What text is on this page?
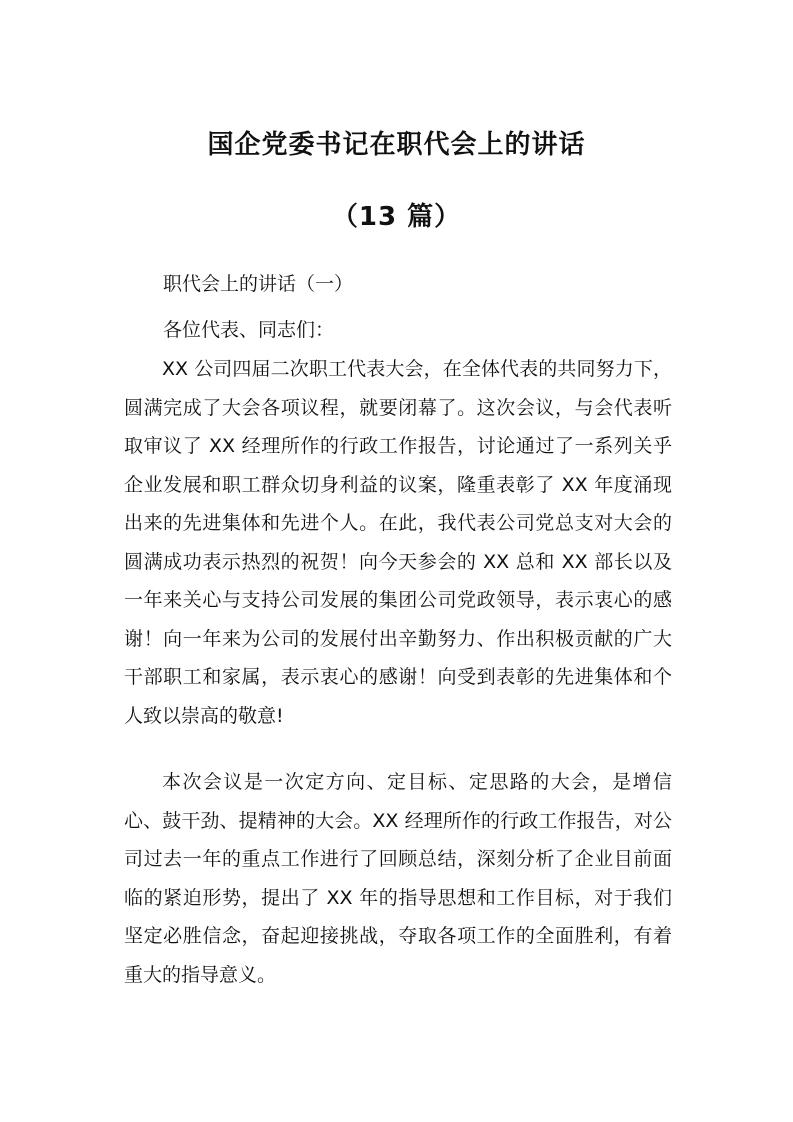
国企党委书记在职代会上的讲话
（13 篇）
职代会上的讲话（一）
各位代表、同志们：

XX 公司四届二次职工代表大会，在全体代表的共同努力下，圆满完成了大会各项议程，就要闭幕了。这次会议，与会代表听取审议了 XX 经理所作的行政工作报告，讨论通过了一系列关乎企业发展和职工群众切身利益的议案，隆重表彰了 XX 年度涌现出来的先进集体和先进个人。在此，我代表公司党总支对大会的圆满成功表示热烈的祝贺！向今天参会的 XX 总和 XX 部长以及一年来关心与支持公司发展的集团公司党政领导，表示衷心的感谢！向一年来为公司的发展付出辛勤努力、作出积极贡献的广大干部职工和家属，表示衷心的感谢！向受到表彰的先进集体和个人致以崇高的敬意!

本次会议是一次定方向、定目标、定思路的大会，是增信心、鼓干劲、提精神的大会。XX 经理所作的行政工作报告，对公司过去一年的重点工作进行了回顾总结，深刻分析了企业目前面临的紧迫形势，提出了 XX 年的指导思想和工作目标，对于我们坚定必胜信念，奋起迎接挑战，夺取各项工作的全面胜利，有着重大的指导意义。
